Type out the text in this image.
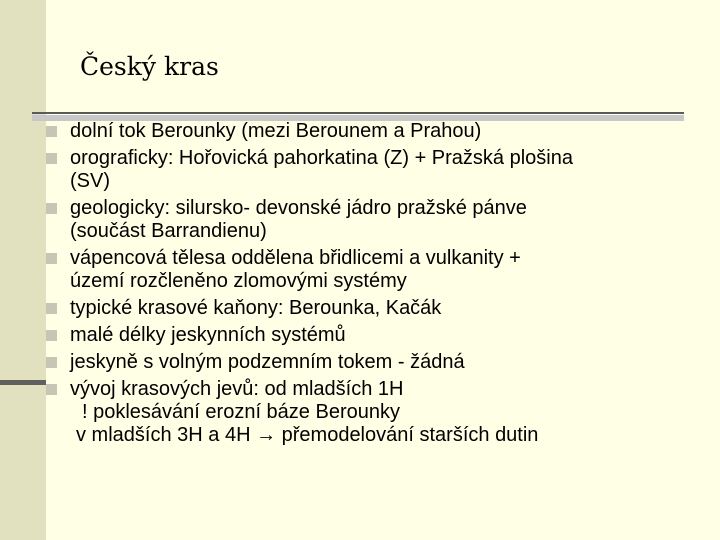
Český kras
dolní tok Berounky (mezi Berounem a Prahou)
orograficky: Hořovická pahorkatina (Z) + Pražská plošina
(SV)
geologicky: silursko- devonské jádro pražské pánve
(součást Barrandienu)
vápencová tělesa oddělena břidlicemi a vulkanity +
území rozčleněno zlomovými systémy
typické krasové kaňony: Berounka, Kačák
malé délky jeskynních systémů
jeskyně s volným podzemním tokem - žádná
vývoj krasových jevů: od mladších 1H
! poklesávání erozní báze Berounky
v mladších 3H a 4H → přemodelování starších dutin
